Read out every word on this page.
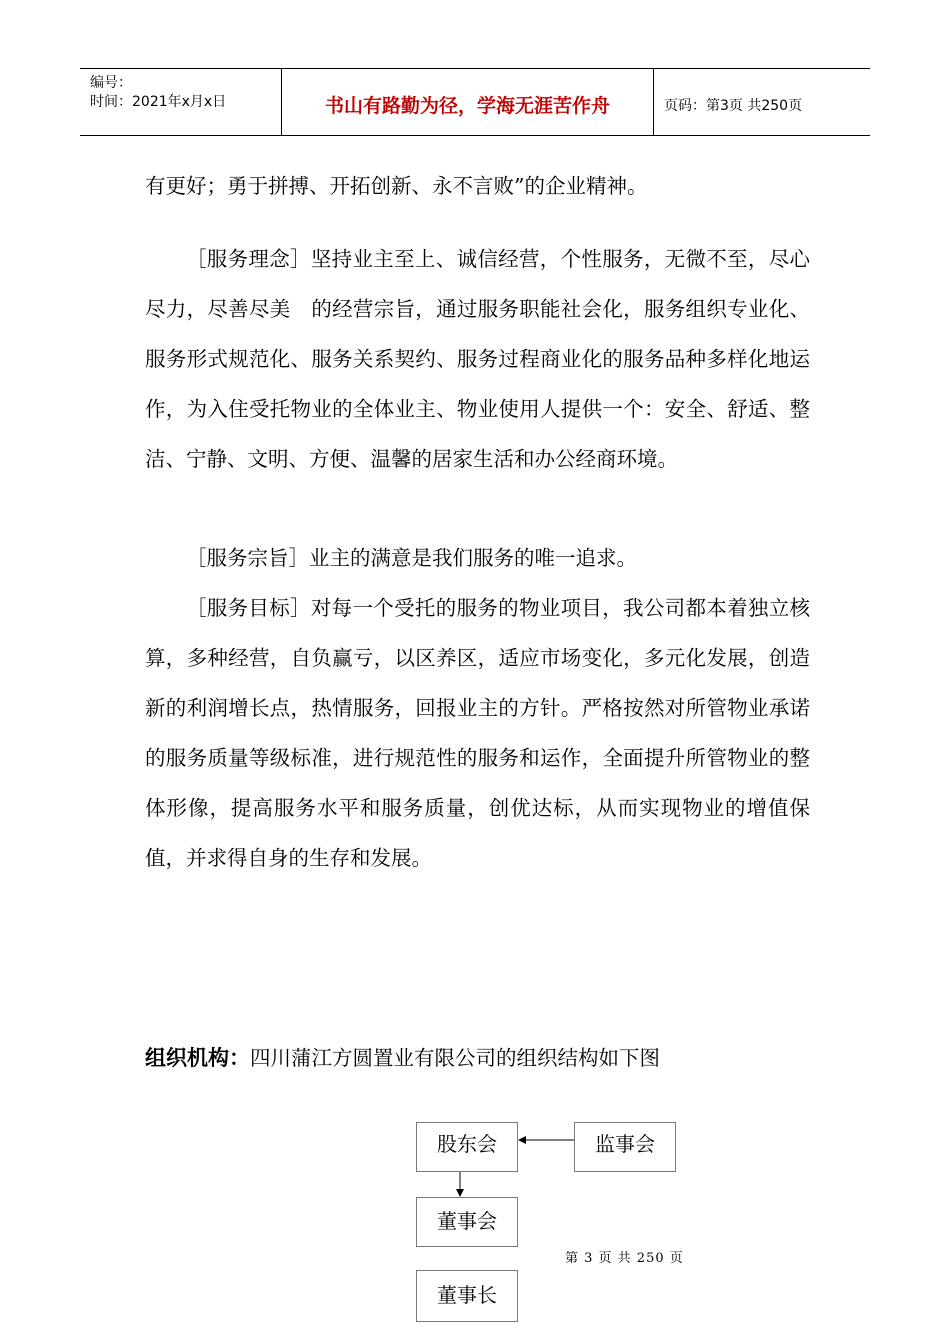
编号：
时间：2021年x月x日	书山有路勤为径，学海无涯苦作舟	页码：第3页 共250页

有更好；勇于拼搏、开拓创新、永不言败”的企业精神。

［服务理念］坚持业主至上、诚信经营，个性服务，无微不至，尽心尽力，尽善尽美　的经营宗旨，通过服务职能社会化，服务组织专业化、服务形式规范化、服务关系契约、服务过程商业化的服务品种多样化地运作，为入住受托物业的全体业主、物业使用人提供一个：安全、舒适、整洁、宁静、文明、方便、温馨的居家生活和办公经商环境。

［服务宗旨］业主的满意是我们服务的唯一追求。

［服务目标］对每一个受托的服务的物业项目，我公司都本着独立核算，多种经营，自负赢亏，以区养区，适应市场变化，多元化发展，创造新的利润增长点，热情服务，回报业主的方针。严格按然对所管物业承诺的服务质量等级标准，进行规范性的服务和运作，全面提升所管物业的整体形像，提高服务水平和服务质量，创优达标，从而实现物业的增值保值，并求得自身的生存和发展。

组织机构：四川蒲江方圆置业有限公司的组织结构如下图
股东会	监事会
董事会
董事长
第 3 页 共 250 页
